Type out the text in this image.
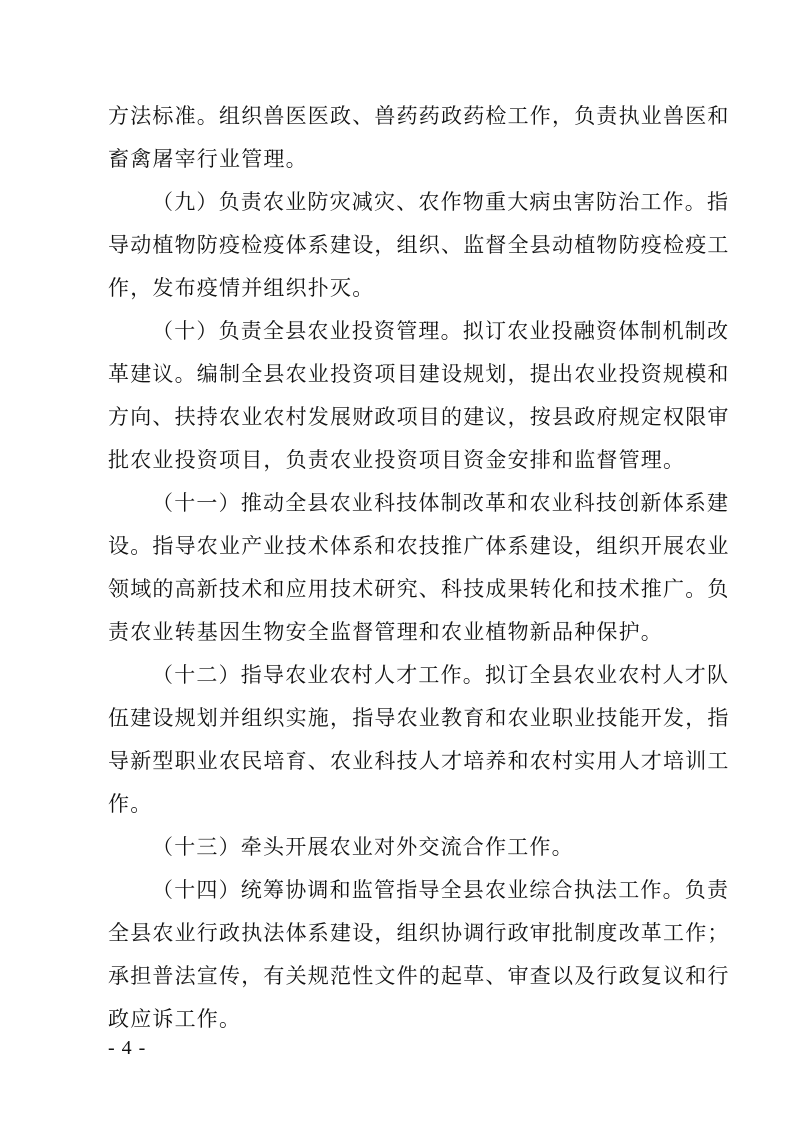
方法标准。组织兽医医政、兽药药政药检工作，负责执业兽医和
畜禽屠宰行业管理。
（九）负责农业防灾减灾、农作物重大病虫害防治工作。指
导动植物防疫检疫体系建设，组织、监督全县动植物防疫检疫工
作，发布疫情并组织扑灭。
（十）负责全县农业投资管理。拟订农业投融资体制机制改
革建议。编制全县农业投资项目建设规划，提出农业投资规模和
方向、扶持农业农村发展财政项目的建议，按县政府规定权限审
批农业投资项目，负责农业投资项目资金安排和监督管理。
（十一）推动全县农业科技体制改革和农业科技创新体系建
设。指导农业产业技术体系和农技推广体系建设，组织开展农业
领域的高新技术和应用技术研究、科技成果转化和技术推广。负
责农业转基因生物安全监督管理和农业植物新品种保护。
（十二）指导农业农村人才工作。拟订全县农业农村人才队
伍建设规划并组织实施，指导农业教育和农业职业技能开发，指
导新型职业农民培育、农业科技人才培养和农村实用人才培训工
作。
（十三）牵头开展农业对外交流合作工作。
（十四）统筹协调和监管指导全县农业综合执法工作。负责
全县农业行政执法体系建设，组织协调行政审批制度改革工作；
承担普法宣传，有关规范性文件的起草、审查以及行政复议和行
政应诉工作。
- 4 -
